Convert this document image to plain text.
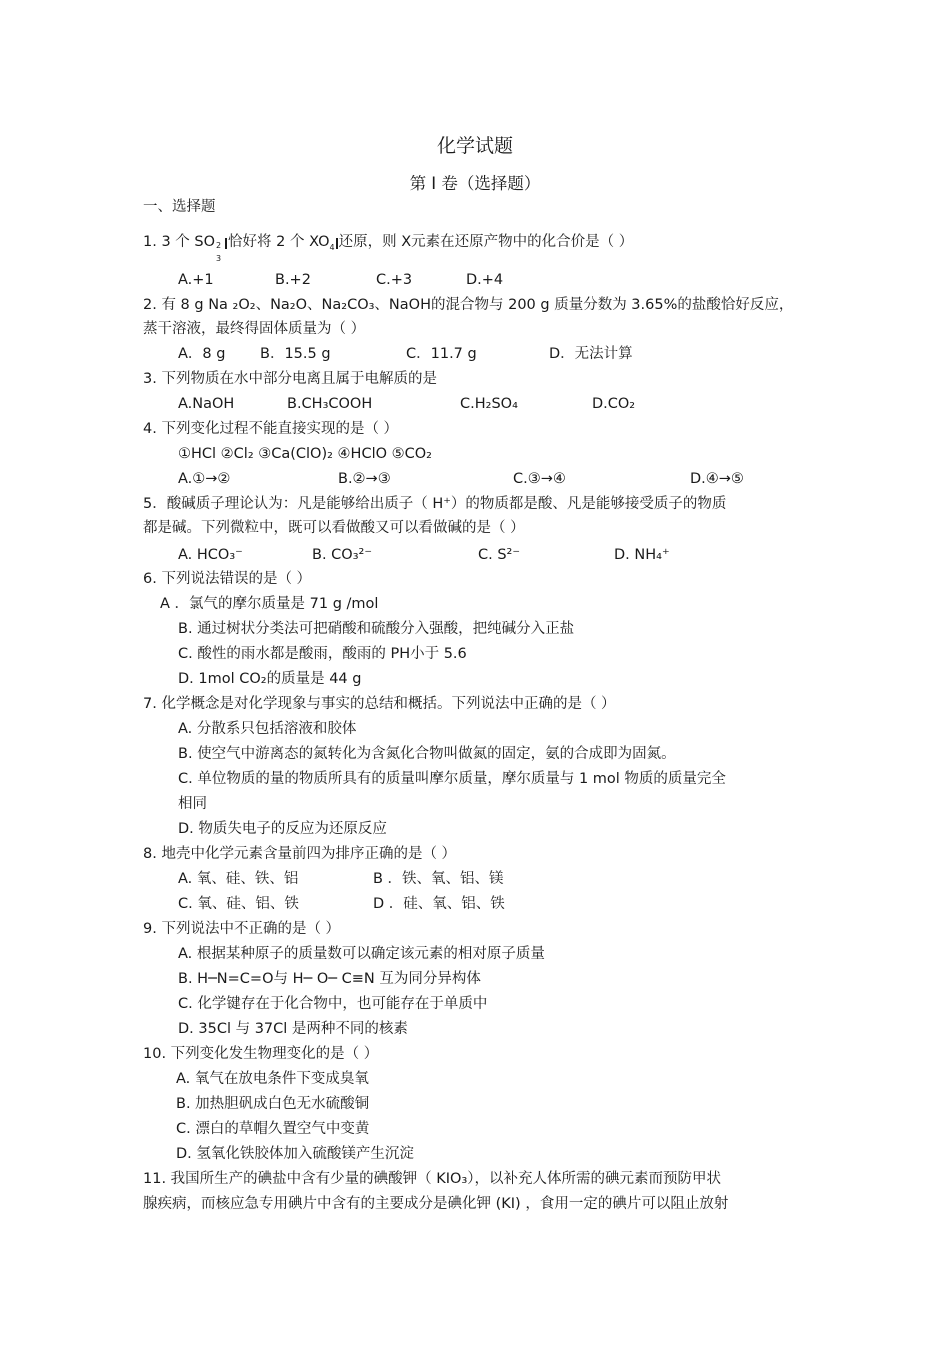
化学试题
第 I 卷（选择题）
一、选择题
1. 3 个 SO 2
3
恰好将 2 个 $XO_4$ 还原，则 X元素在还原产物中的化合价是（ ）
A.+1	B.+2	C.+3	D.+4
2. 有 8 g Na ₂O₂、Na₂O、Na₂CO₃、NaOH的混合物与 200 g 质量分数为 3.65%的盐酸恰好反应，
蒸干溶液，最终得固体质量为（ ）
A．8 g B．15.5 g	C．11.7 g	D．无法计算
3. 下列物质在水中部分电离且属于电解质的是
A.NaOH	B.CH₃COOH	C.H₂SO₄	D.CO₂
4. 下列变化过程不能直接实现的是（ ）
①HCl ②Cl₂ ③Ca(ClO)₂ ④HClO ⑤CO₂
A.①→②	B.②→③	C.③→④	D.④→⑤
5．酸碱质子理论认为：凡是能够给出质子（ H⁺）的物质都是酸、凡是能够接受质子的物质
都是碱。下列微粒中，既可以看做酸又可以看做碱的是（ ）
A. HCO₃⁻	B. CO₃²⁻	C. S²⁻	D. NH₄⁺
6. 下列说法错误的是（ ）
A ．氯气的摩尔质量是 71 g /mol
B. 通过树状分类法可把硝酸和硫酸分入强酸，把纯碱分入正盐
C. 酸性的雨水都是酸雨，酸雨的 PH小于 5.6
D. 1mol CO₂的质量是 44 g
7. 化学概念是对化学现象与事实的总结和概括。下列说法中正确的是（ ）
A. 分散系只包括溶液和胶体
B. 使空气中游离态的氮转化为含氮化合物叫做氮的固定，氨的合成即为固氮。
C. 单位物质的量的物质所具有的质量叫摩尔质量，摩尔质量与 1 mol 物质的质量完全
相同
D. 物质失电子的反应为还原反应
8. 地壳中化学元素含量前四为排序正确的是（ ）
A. 氧、硅、铁、铝	B ．铁、氧、铝、镁
C. 氧、硅、铝、铁	D ．硅、氧、铝、铁
9. 下列说法中不正确的是（ ）
A. 根据某种原子的质量数可以确定该元素的相对原子质量
B. H─N=C=O与 H─ O─ C≡N 互为同分异构体
C. 化学键存在于化合物中，也可能存在于单质中
D. 35Cl 与 37Cl 是两种不同的核素
10. 下列变化发生物理变化的是（ ）
A. 氧气在放电条件下变成臭氧
B. 加热胆矾成白色无水硫酸铜
C. 漂白的草帽久置空气中变黄
D. 氢氧化铁胶体加入硫酸镁产生沉淀
11. 我国所生产的碘盐中含有少量的碘酸钾（ KIO₃），以补充人体所需的碘元素而预防甲状
腺疾病，而核应急专用碘片中含有的主要成分是碘化钾 (KI) ，食用一定的碘片可以阻止放射
